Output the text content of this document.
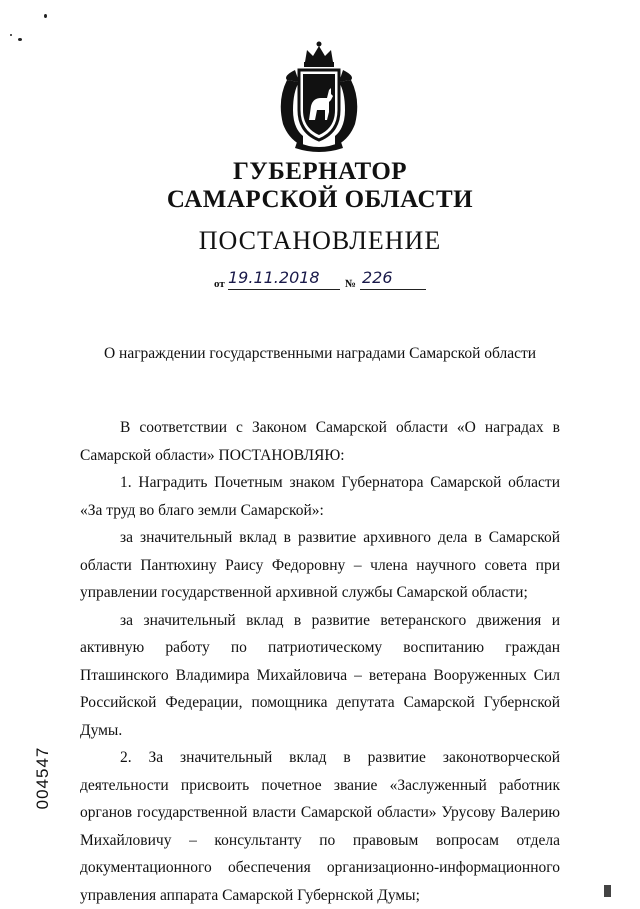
ГУБЕРНАТОР
САМАРСКОЙ ОБЛАСТИ
ПОСТАНОВЛЕНИЕ
от 19.11.2018	№ 226
О награждении государственными наградами Самарской области

В соответствии с Законом Самарской области «О наградах в Самарской области» ПОСТАНОВЛЯЮ:

1. Наградить Почетным знаком Губернатора Самарской области «За труд во благо земли Самарской»:

за значительный вклад в развитие архивного дела в Самарской области Пантюхину Раису Федоровну – члена научного совета при управлении государственной архивной службы Самарской области;

за значительный вклад в развитие ветеранского движения и активную работу по патриотическому воспитанию граждан Пташинского Владимира Михайловича – ветерана Вооруженных Сил Российской Федерации, помощника депутата Самарской Губернской Думы.

2. За значительный вклад в развитие законотворческой деятельности присвоить почетное звание «Заслуженный работник органов государственной власти Самарской области» Урусову Валерию Михайловичу – консультанту по правовым вопросам отдела документационного обеспечения организационно-информационного управления аппарата Самарской Губернской Думы;

004547
